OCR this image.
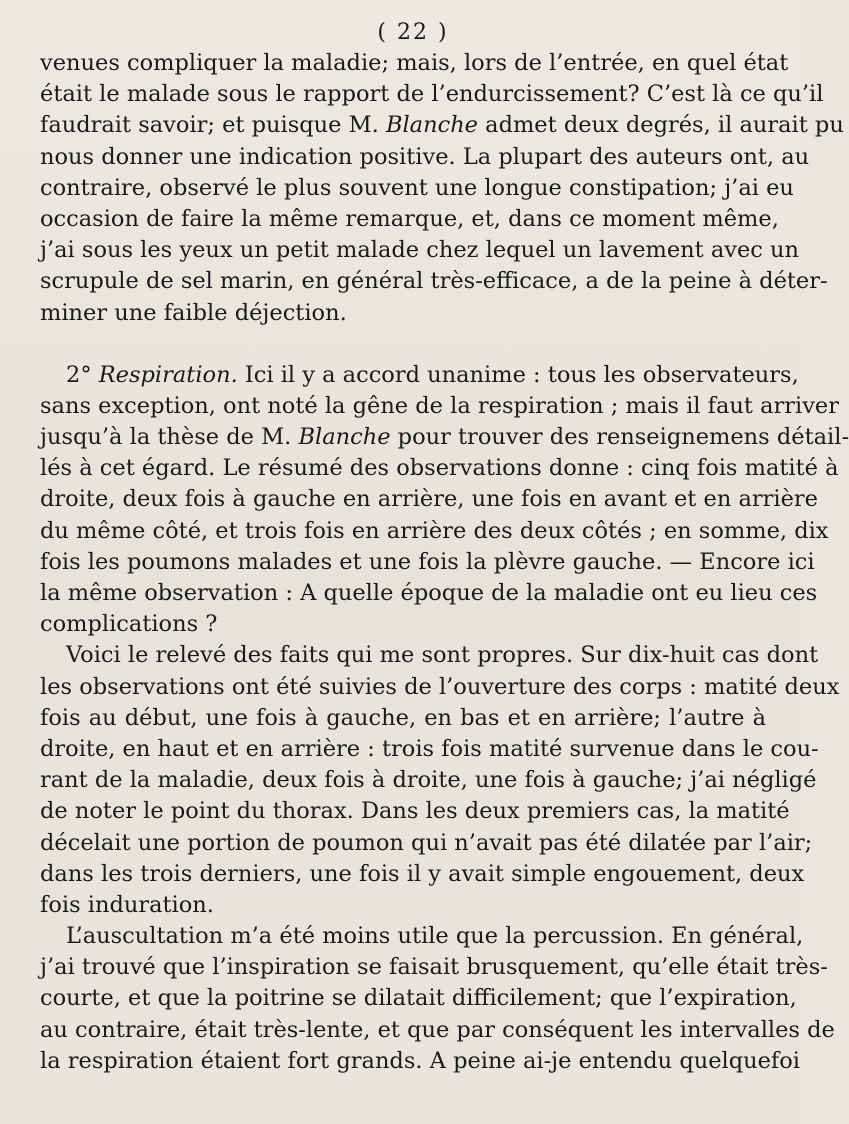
( 22 )
venues compliquer la maladie; mais, lors de l’entrée, en quel état
était le malade sous le rapport de l’endurcissement? C’est là ce qu’il
faudrait savoir; et puisque M. Blanche admet deux degrés, il aurait pu
nous donner une indication positive. La plupart des auteurs ont, au
contraire, observé le plus souvent une longue constipation; j’ai eu
occasion de faire la même remarque, et, dans ce moment même,
j’ai sous les yeux un petit malade chez lequel un lavement avec un
scrupule de sel marin, en général très-efficace, a de la peine à déter-
miner une faible déjection.
2° Respiration. Ici il y a accord unanime : tous les observateurs,
sans exception, ont noté la gêne de la respiration ; mais il faut arriver
jusqu’à la thèse de M. Blanche pour trouver des renseignemens détail-
lés à cet égard. Le résumé des observations donne : cinq fois matité à
droite, deux fois à gauche en arrière, une fois en avant et en arrière
du même côté, et trois fois en arrière des deux côtés ; en somme, dix
fois les poumons malades et une fois la plèvre gauche. — Encore ici
la même observation : A quelle époque de la maladie ont eu lieu ces
complications ?
Voici le relevé des faits qui me sont propres. Sur dix-huit cas dont
les observations ont été suivies de l’ouverture des corps : matité deux
fois au début, une fois à gauche, en bas et en arrière; l’autre à
droite, en haut et en arrière : trois fois matité survenue dans le cou-
rant de la maladie, deux fois à droite, une fois à gauche; j’ai négligé
de noter le point du thorax. Dans les deux premiers cas, la matité
décelait une portion de poumon qui n’avait pas été dilatée par l’air;
dans les trois derniers, une fois il y avait simple engouement, deux
fois induration.
L’auscultation m’a été moins utile que la percussion. En général,
j’ai trouvé que l’inspiration se faisait brusquement, qu’elle était très-
courte, et que la poitrine se dilatait difficilement; que l’expiration,
au contraire, était très-lente, et que par conséquent les intervalles de
la respiration étaient fort grands. A peine ai-je entendu quelquefoi
